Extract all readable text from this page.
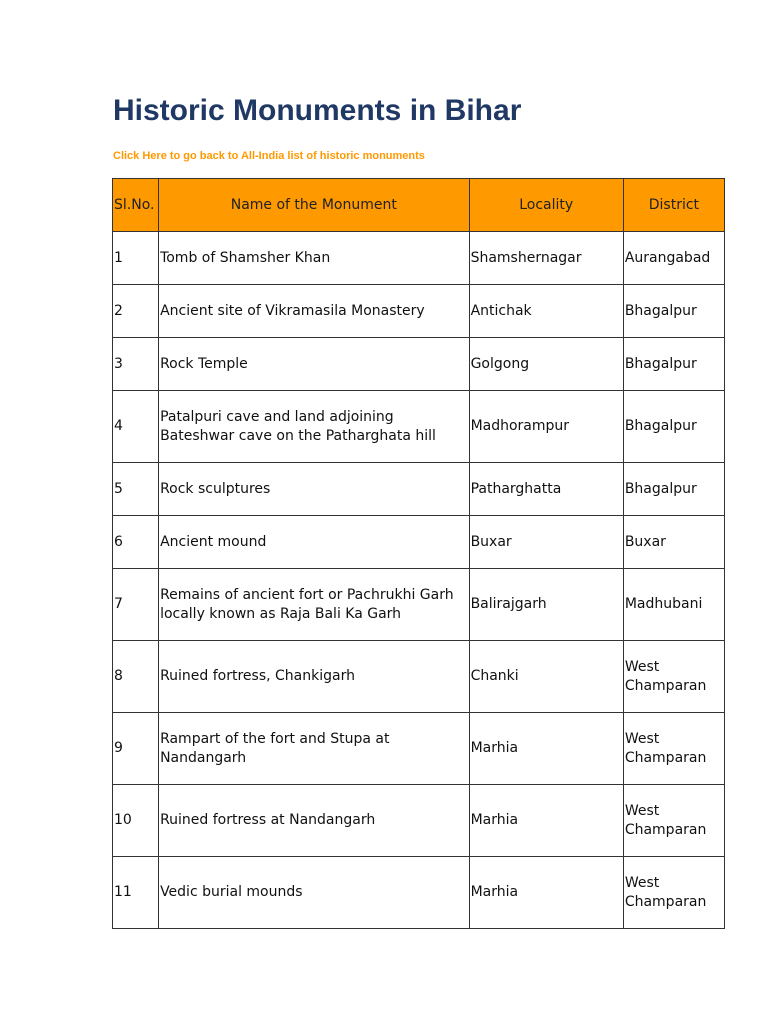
Historic Monuments in Bihar
Click Here to go back to All-India list of historic monuments
Sl.No.	Name of the Monument	Locality	District
1	Tomb of Shamsher Khan	Shamshernagar	Aurangabad
2	Ancient site of Vikramasila Monastery	Antichak	Bhagalpur
3	Rock Temple	Golgong	Bhagalpur
4	Patalpuri cave and land adjoining Bateshwar cave on the Patharghata hill	Madhorampur	Bhagalpur
5	Rock sculptures	Patharghatta	Bhagalpur
6	Ancient mound	Buxar	Buxar
7	Remains of ancient fort or Pachrukhi Garh locally known as Raja Bali Ka Garh	Balirajgarh	Madhubani
8	Ruined fortress, Chankigarh	Chanki	West Champaran
9	Rampart of the fort and Stupa at Nandangarh	Marhia	West Champaran
10	Ruined fortress at Nandangarh	Marhia	West Champaran
11	Vedic burial mounds	Marhia	West Champaran
